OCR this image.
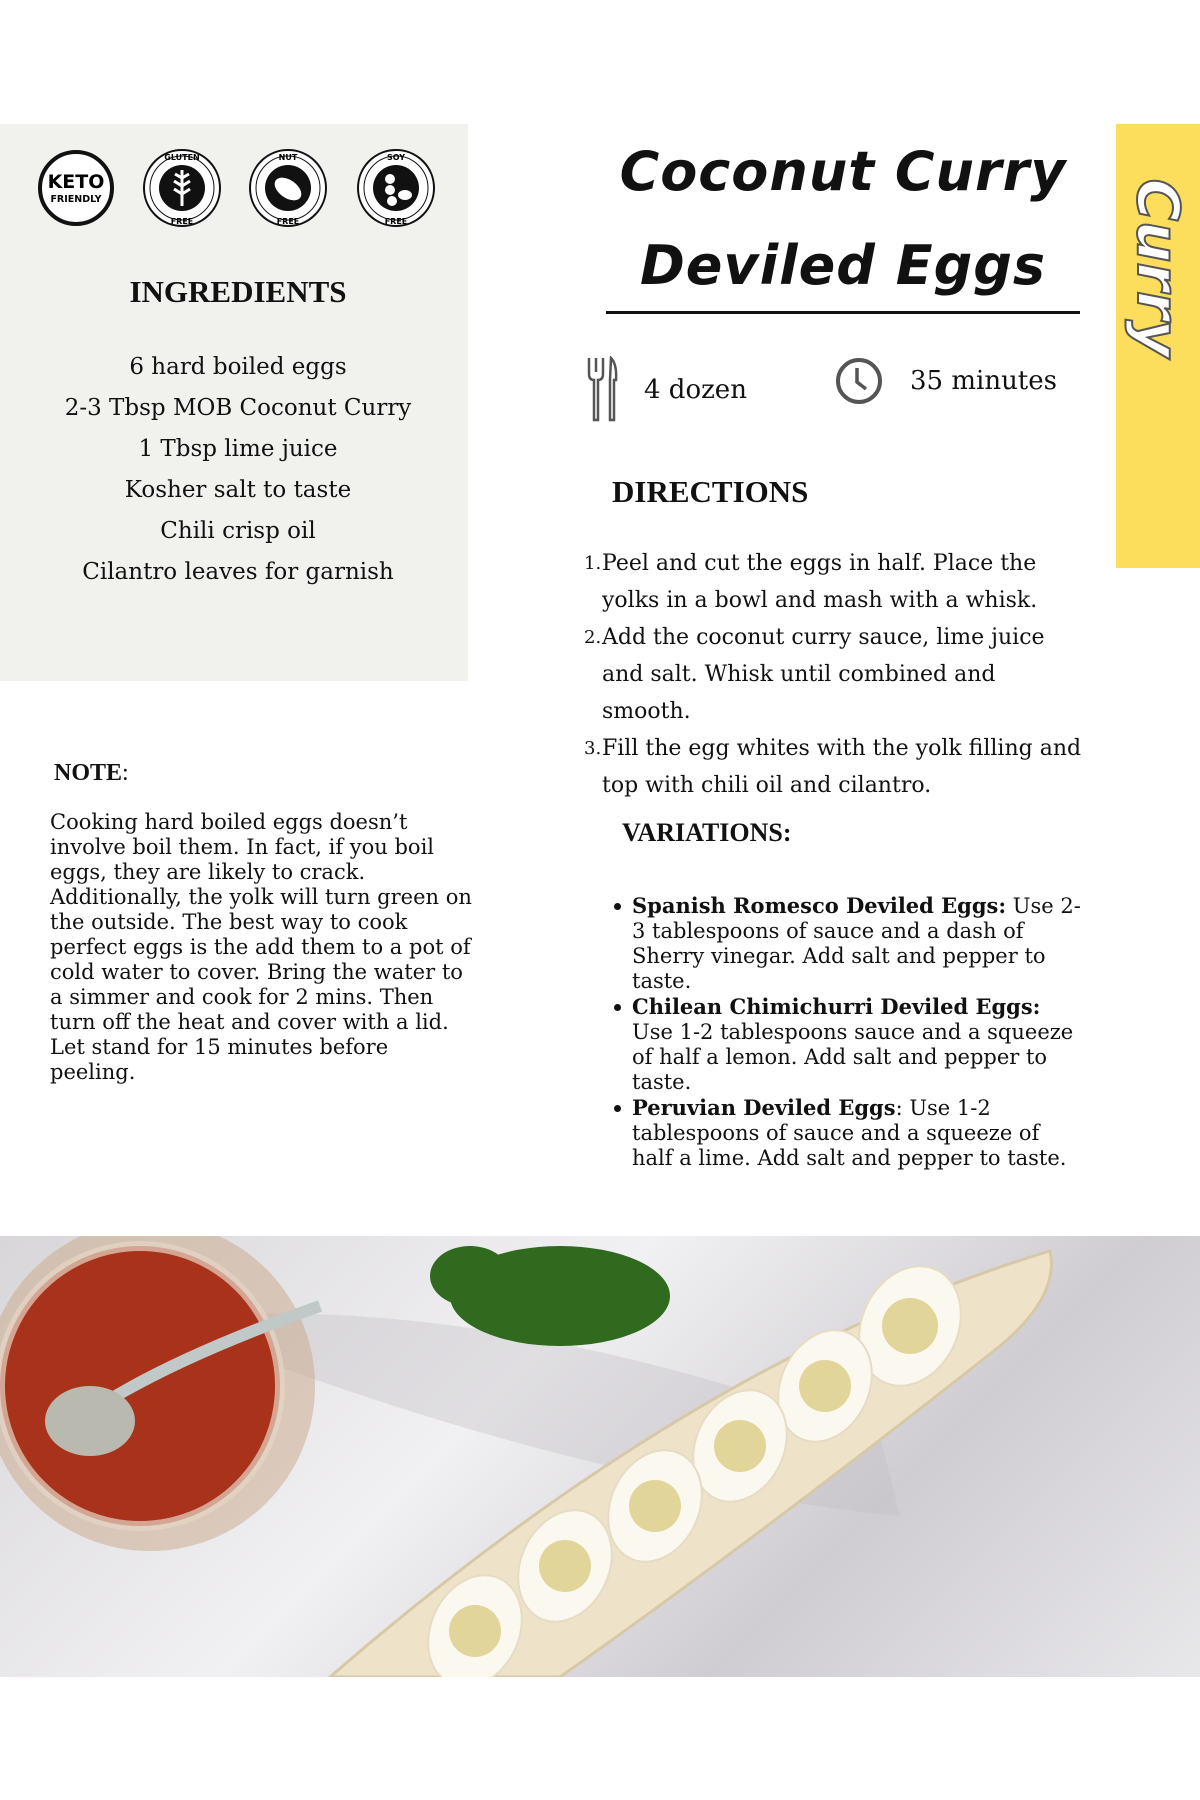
KETO
FRIENDLY
GLUTEN
FREE
NUT
FREE
SOY
FREE
INGREDIENTS
6 hard boiled eggs
2-3 Tbsp MOB Coconut Curry
1 Tbsp lime juice
Kosher salt to taste
Chili crisp oil
Cilantro leaves for garnish
Coconut Curry
Deviled Eggs	Curry
4 dozen	35 minutes
DIRECTIONS
1. Peel and cut the eggs in half. Place the yolks in a bowl and mash with a whisk.
2. Add the coconut curry sauce, lime juice and salt. Whisk until combined and smooth.
3. Fill the egg whites with the yolk filling and top with chili oil and cilantro.
VARIATIONS:
Spanish Romesco Deviled Eggs: Use 2-3 tablespoons of sauce and a dash of Sherry vinegar. Add salt and pepper to taste.
Chilean Chimichurri Deviled Eggs: Use 1-2 tablespoons sauce and a squeeze of half a lemon. Add salt and pepper to taste.
Peruvian Deviled Eggs: Use 1-2 tablespoons of sauce and a squeeze of half a lime. Add salt and pepper to taste.
NOTE:

Cooking hard boiled eggs doesn’t involve boil them. In fact, if you boil eggs, they are likely to crack. Additionally, the yolk will turn green on the outside. The best way to cook perfect eggs is the add them to a pot of cold water to cover. Bring the water to a simmer and cook for 2 mins. Then turn off the heat and cover with a lid. Let stand for 15 minutes before peeling.
